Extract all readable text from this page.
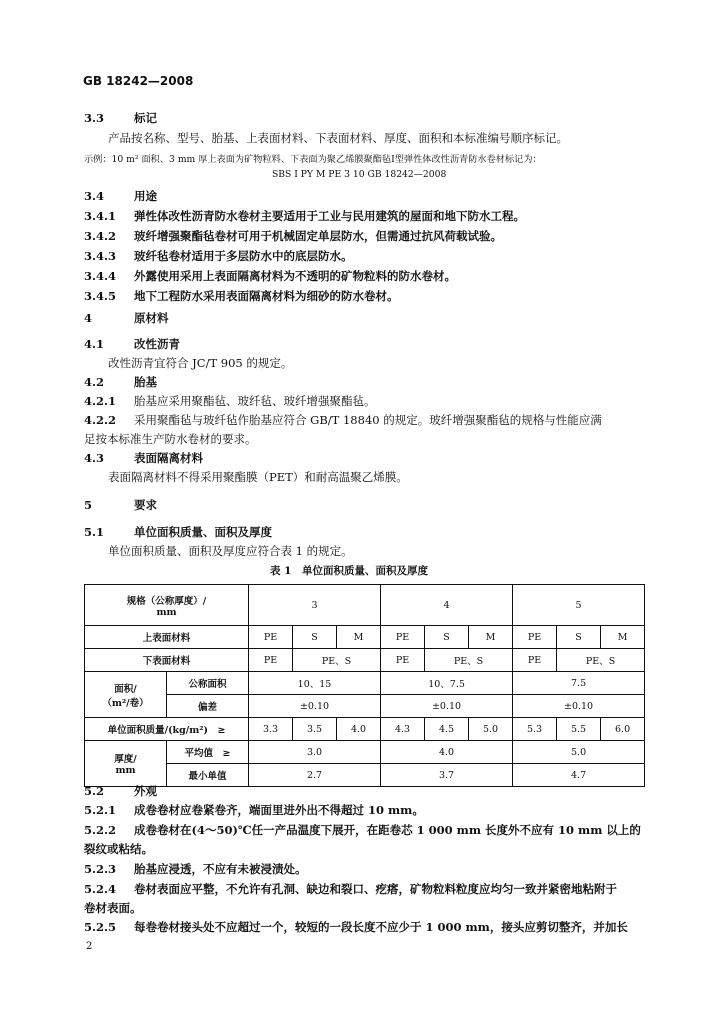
GB 18242—2008
3.3	标记
产品按名称、型号、胎基、上表面材料、下表面材料、厚度、面积和本标准编号顺序标记。
示例：10 m² 面积、3 mm 厚上表面为矿物粒料、下表面为聚乙烯膜聚酯毡Ⅰ型弹性体改性沥青防水卷材标记为：
SBS I PY M PE 3 10 GB 18242—2008
3.4	用途
3.4.1 弹性体改性沥青防水卷材主要适用于工业与民用建筑的屋面和地下防水工程。
3.4.2 玻纤增强聚酯毡卷材可用于机械固定单层防水，但需通过抗风荷载试验。
3.4.3 玻纤毡卷材适用于多层防水中的底层防水。
3.4.4 外露使用采用上表面隔离材料为不透明的矿物粒料的防水卷材。
3.4.5 地下工程防水采用表面隔离材料为细砂的防水卷材。
4	原材料
4.1	改性沥青
改性沥青宜符合 JC/T 905 的规定。
4.2	胎基
4.2.1 胎基应采用聚酯毡、玻纤毡、玻纤增强聚酯毡。
4.2.2 采用聚酯毡与玻纤毡作胎基应符合 GB/T 18840 的规定。玻纤增强聚酯毡的规格与性能应满
足按本标准生产防水卷材的要求。
4.3	表面隔离材料
表面隔离材料不得采用聚酯膜（PET）和耐高温聚乙烯膜。
5	要求
5.1	单位面积质量、面积及厚度
单位面积质量、面积及厚度应符合表 1 的规定。
表 1　单位面积质量、面积及厚度
规格（公称厚度）/
mm		3			4			5		
上表面材料		PE	S	M	PE	S	M	PE	S	M
下表面材料		PE	PE、S		PE	PE、S		PE	PE、S	

面积/
（m²/卷）	公称面积	10、15			10、7.5			7.5		
	偏差	±0.10			±0.10			±0.10		
单位面积质量/(kg/m²)　≥		3.3	3.5	4.0	4.3	4.5	5.0	5.3	5.5	6.0

厚度/
mm	平均值　≥	3.0			4.0			5.0		
	最小单值	2.7			3.7			4.7		
5.2	外观
5.2.1 成卷卷材应卷紧卷齐，端面里进外出不得超过 10 mm。
5.2.2 成卷卷材在(4～50)℃任一产品温度下展开，在距卷芯 1 000 mm 长度外不应有 10 mm 以上的
裂纹或粘结。
5.2.3 胎基应浸透，不应有未被浸渍处。
5.2.4 卷材表面应平整，不允许有孔洞、缺边和裂口、疙瘩，矿物粒料粒度应均匀一致并紧密地粘附于
卷材表面。
5.2.5 每卷卷材接头处不应超过一个，较短的一段长度不应少于 1 000 mm，接头应剪切整齐，并加长
2
